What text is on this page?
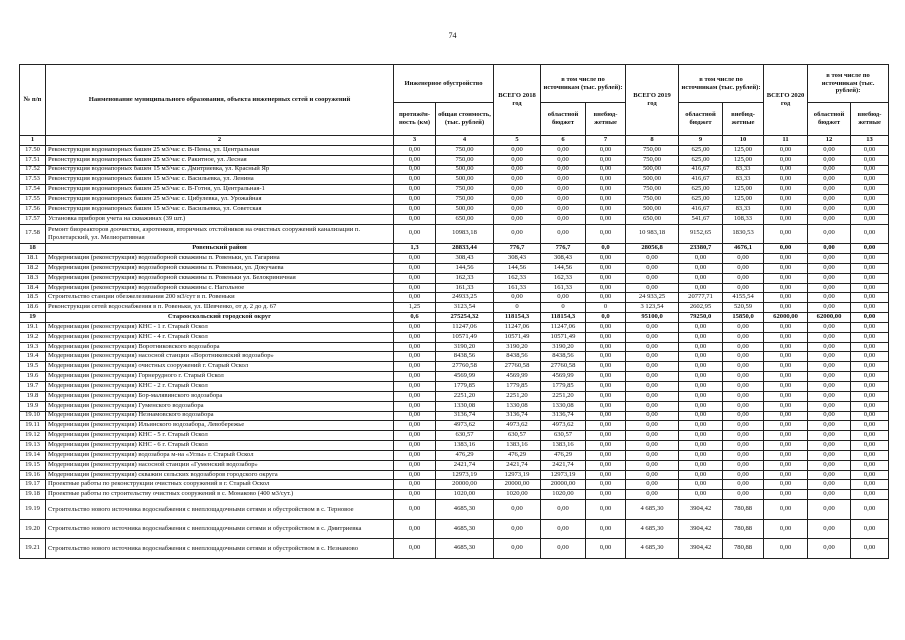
74
№ п/п	Наименование муниципального образования, объекта инженерных сетей и сооружений	Инженерное обустройство		ВСЕГО 2018 год	в том числе по источникам (тыс. рублей):		ВСЕГО 2019 год	в том числе по источникам (тыс. рублей):		ВСЕГО 2020 год	в том числе по источникам (тыс. рублей):	

		протяжён-ность (км)	общая стоимость, (тыс. рублей)		областной бюджет	внебюд-жетные		областной бюджет	внебюд-жетные		областной бюджет	внебюд-жетные
1	2	3	4	5	6	7	8	9	10	11	12	13
17.50	Реконструкция водонапорных башен 25 м3/час с. В-Пены, ул. Центральная	0,00	750,00	0,00	0,00	0,00	750,00	625,00	125,00	0,00	0,00	0,00
17.51	Реконструкция водонапорных башен 25 м3/час с. Ракитное, ул. Лесная	0,00	750,00	0,00	0,00	0,00	750,00	625,00	125,00	0,00	0,00	0,00
17.52	Реконструкция водонапорных башен 15 м3/час с. Дмитриевка, ул. Красный Яр	0,00	500,00	0,00	0,00	0,00	500,00	416,67	83,33	0,00	0,00	0,00
17.53	Реконструкция водонапорных башен 15 м3/час с. Васильевка, ул. Ленина	0,00	500,00	0,00	0,00	0,00	500,00	416,67	83,33	0,00	0,00	0,00
17.54	Реконструкция водонапорных башен 25 м3/час с. В-Готня, ул. Центральная-1	0,00	750,00	0,00	0,00	0,00	750,00	625,00	125,00	0,00	0,00	0,00
17.55	Реконструкция водонапорных башен 25 м3/час с. Цибулевка, ул. Урожайная	0,00	750,00	0,00	0,00	0,00	750,00	625,00	125,00	0,00	0,00	0,00
17.56	Реконструкция водонапорных башен 15 м3/час с. Васильевка, ул. Советская	0,00	500,00	0,00	0,00	0,00	500,00	416,67	83,33	0,00	0,00	0,00
17.57	Установка приборов учета на скважинах (39 шт.)	0,00	650,00	0,00	0,00	0,00	650,00	541,67	108,33	0,00	0,00	0,00
17.58	Ремонт биореакторов доочистки, аэротенков, вторичных отстойников на очистных сооружений канализации п. Пролетарский, ул. Мелиоративная	0,00	10983,18	0,00	0,00	0,00	10 983,18	9152,65	1830,53	0,00	0,00	0,00
18	Ровеньский район	1,3	28833,44	776,7	776,7	0,0	28056,8	23380,7	4676,1	0,00	0,00	0,00
18.1	Модернизация (реконструкция) водозаборной скважины п. Ровеньки, ул. Гагарина	0,00	308,43	308,43	308,43	0,00	0,00	0,00	0,00	0,00	0,00	0,00
18.2	Модернизация (реконструкция) водозаборной скважины п. Ровеньки, ул. Докучаева	0,00	144,56	144,56	144,56	0,00	0,00	0,00	0,00	0,00	0,00	0,00
18.3	Модернизация (реконструкция) водозаборной скважины п. Ровеньки ул. Белокриничная	0,00	162,33	162,33	162,33	0,00	0,00	0,00	0,00	0,00	0,00	0,00
18.4	Модернизация (реконструкция) водозаборной скважины с. Нагольное	0,00	161,33	161,33	161,33	0,00	0,00	0,00	0,00	0,00	0,00	0,00
18.5	Строительство станции обезжелезивания 200 м3/сут в п. Ровеньки	0,00	24933,25	0,00	0,00	0,00	24 933,25	20777,71	4155,54	0,00	0,00	0,00
18.6	Реконструкция сетей водоснабжения в п. Ровеньки, ул. Шевченко, от д. 2 до д. 67	1,25	3123,54	0	0	0	3 123,54	2602,95	520,59	0,00	0,00	0,00
19	Старооскольский городской округ	0,6	275254,32	118154,3	118154,3	0,0	95100,0	79250,0	15850,0	62000,00	62000,00	0,00
19.1	Модернизация (реконструкция) КНС - 1 г. Старый Оскол	0,00	11247,06	11247,06	11247,06	0,00	0,00	0,00	0,00	0,00	0,00	0,00
19.2	Модернизация (реконструкция) КНС - 4 г. Старый Оскол	0,00	10571,49	10571,49	10571,49	0,00	0,00	0,00	0,00	0,00	0,00	0,00
19.3	Модернизация (реконструкция) Воротниковского водозабора	0,00	3190,20	3190,20	3190,20	0,00	0,00	0,00	0,00	0,00	0,00	0,00
19.4	Модернизация (реконструкция) насосной станции «Воротниковский водозабор»	0,00	8438,56	8438,56	8438,56	0,00	0,00	0,00	0,00	0,00	0,00	0,00
19.5	Модернизация (реконструкция) очистных сооружений г. Старый Оскол	0,00	27760,58	27760,58	27760,58	0,00	0,00	0,00	0,00	0,00	0,00	0,00
19.6	Модернизация (реконструкция) Горнерудного г. Старый Оскол	0,00	4569,99	4569,99	4569,99	0,00	0,00	0,00	0,00	0,00	0,00	0,00
19.7	Модернизация (реконструкция) КНС - 2 г. Старый Оскол	0,00	1779,85	1779,85	1779,85	0,00	0,00	0,00	0,00	0,00	0,00	0,00
19.8	Модернизация (реконструкция) Бор-малявинского водозабора	0,00	2251,20	2251,20	2251,20	0,00	0,00	0,00	0,00	0,00	0,00	0,00
19.9	Модернизация (реконструкция) Гуменского водозабора	0,00	1330,08	1330,08	1330,08	0,00	0,00	0,00	0,00	0,00	0,00	0,00
19.10	Модернизация (реконструкция) Незнамовского водозабора	0,00	3136,74	3136,74	3136,74	0,00	0,00	0,00	0,00	0,00	0,00	0,00
19.11	Модернизация (реконструкция) Ильинского водозабора, Левобережье	0,00	4973,62	4973,62	4973,62	0,00	0,00	0,00	0,00	0,00	0,00	0,00
19.12	Модернизация (реконструкция) КНС - 5 г. Старый Оскол	0,00	630,57	630,57	630,57	0,00	0,00	0,00	0,00	0,00	0,00	0,00
19.13	Модернизация (реконструкция) КНС - 6 г. Старый Оскол	0,00	1383,16	1383,16	1383,16	0,00	0,00	0,00	0,00	0,00	0,00	0,00
19.14	Модернизация (реконструкция) водозабора м-на «Углы» г. Старый Оскол	0,00	476,29	476,29	476,29	0,00	0,00	0,00	0,00	0,00	0,00	0,00
19.15	Модернизация (реконструкция) насосной станции «Гуменский водозабор»	0,00	2421,74	2421,74	2421,74	0,00	0,00	0,00	0,00	0,00	0,00	0,00
19.16	Модернизация (реконструкция) скважин сельских водозаборов городского округа	0,00	12973,19	12973,19	12973,19	0,00	0,00	0,00	0,00	0,00	0,00	0,00
19.17	Проектные работы по реконструкции очистных сооружений в г. Старый Оскол	0,00	20000,00	20000,00	20000,00	0,00	0,00	0,00	0,00	0,00	0,00	0,00
19.18	Проектные работы по строительству очистных сооружений в с. Монаково (400 м3/сут.)	0,00	1020,00	1020,00	1020,00	0,00	0,00	0,00	0,00	0,00	0,00	0,00
19.19	Строительство нового источника водоснабжения с внеплощадочными сетями и обустройством в с. Терновое	0,00	4685,30	0,00	0,00	0,00	4 685,30	3904,42	780,88	0,00	0,00	0,00
19.20	Строительство нового источника водоснабжения с внеплощадочными сетями и обустройством в с. Дмитриевка	0,00	4685,30	0,00	0,00	0,00	4 685,30	3904,42	780,88	0,00	0,00	0,00
19.21	Строительство нового источника водоснабжения с внеплощадочными сетями и обустройством в с. Незнамово	0,00	4685,30	0,00	0,00	0,00	4 685,30	3904,42	780,88	0,00	0,00	0,00
